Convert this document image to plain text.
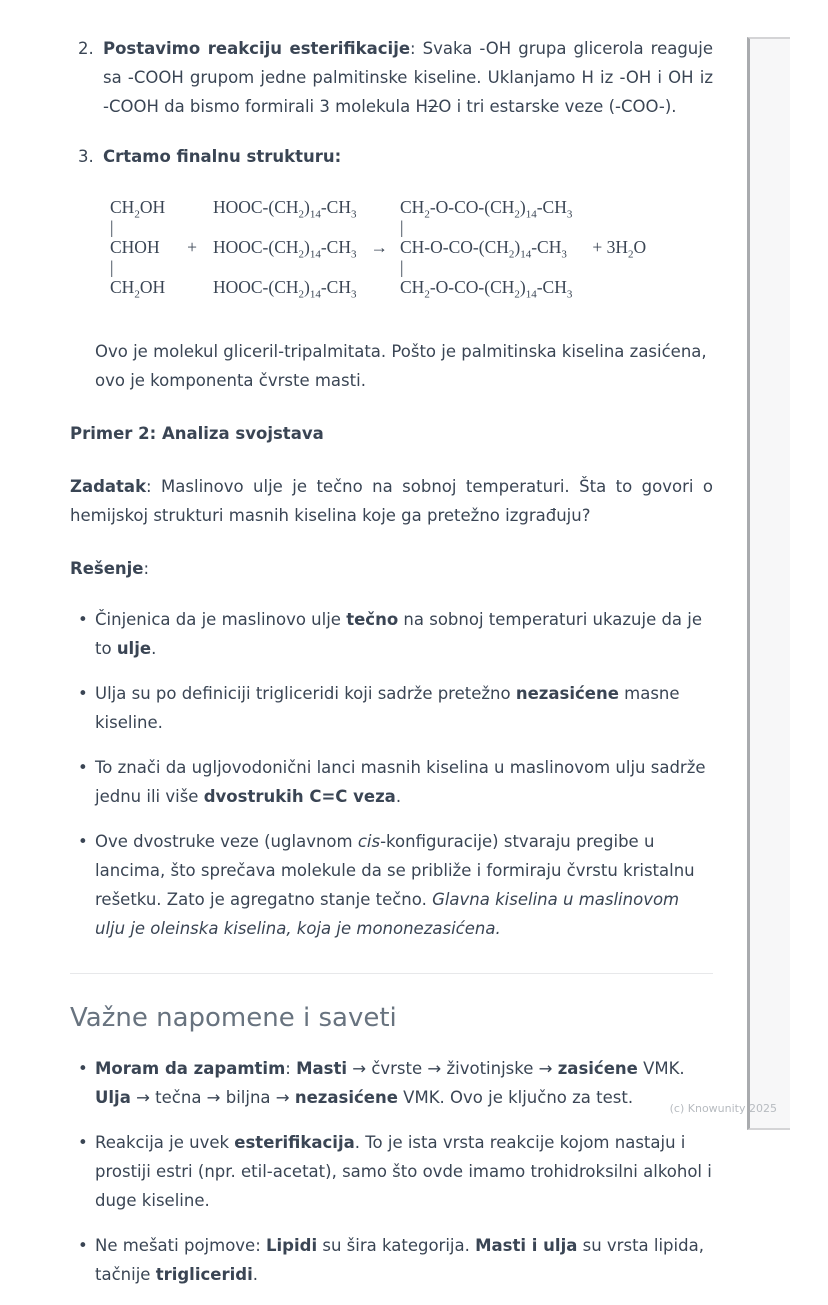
2. Postavimo reakciju esterifikacije: Svaka -OH grupa glicerola reaguje sa -COOH grupom jedne palmitinske kiseline. Uklanjamo H iz -OH i OH iz -COOH da bismo formirali 3 molekula H2O i tri estarske veze (-COO-).
3. Crtamo finalnu strukturu:
$CH_2OH$
|
CHOH
|
$CH_2OH$
+
HOOC-$(CH_2)_{14}-CH_3$

HOOC-$(CH_2)_{14}-CH_3$

HOOC-$(CH_2)_{14}-CH_3$
→
$CH_2-O-CO-(CH_2)_{14}-CH_3$
|
$CH-O-CO-(CH_2)_{14}-CH_3$
|
$CH_2-O-CO-(CH_2)_{14}-CH_3$
+ $3H_2O$

Ovo je molekul gliceril-tripalmitata. Pošto je palmitinska kiselina zasićena, ovo je komponenta čvrste masti.

Primer 2: Analiza svojstava

Zadatak: Maslinovo ulje je tečno na sobnoj temperaturi. Šta to govori o hemijskoj strukturi masnih kiselina koje ga pretežno izgrađuju?

Rešenje:

• Činjenica da je maslinovo ulje tečno na sobnoj temperaturi ukazuje da je to ulje.
• Ulja su po definiciji trigliceridi koji sadrže pretežno nezasićene masne kiseline.
• To znači da ugljovodonični lanci masnih kiselina u maslinovom ulju sadrže jednu ili više dvostrukih C=C veza.
• Ove dvostruke veze (uglavnom cis-konfiguracije) stvaraju pregibe u lancima, što sprečava molekule da se približe i formiraju čvrstu kristalnu rešetku. Zato je agregatno stanje tečno. Glavna kiselina u maslinovom ulju je oleinska kiselina, koja je mononezasićena.
Važne napomene i saveti
• Moram da zapamtim: Masti → čvrste → životinjske → zasićene VMK. Ulja → tečna → biljna → nezasićene VMK. Ovo je ključno za test.
• Reakcija je uvek esterifikacija. To je ista vrsta reakcije kojom nastaju i prostiji estri (npr. etil-acetat), samo što ovde imamo trohidroksilni alkohol i duge kiseline.
• Ne mešati pojmove: Lipidi su šira kategorija. Masti i ulja su vrsta lipida, tačnije trigliceridi.
(c) Knowunity 2025
